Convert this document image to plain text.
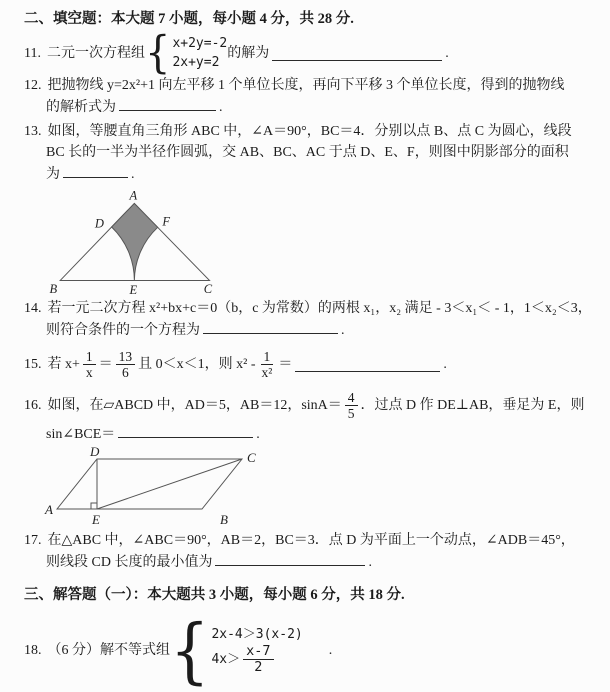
二、填空题：本大题 7 小题，每小题 4 分，共 28 分.
11. 二元一次方程组 { x+2y=-2
2x+y=2
的解为	.
12. 把抛物线 y=2x²+1 向左平移 1 个单位长度，再向下平移 3 个单位长度，得到的抛物线
的解析式为	.
13. 如图，等腰直角三角形 ABC 中，∠A＝90°，BC＝4．分别以点 B、点 C 为圆心，线段
BC 长的一半为半径作圆弧，交 AB、BC、AC 于点 D、E、F，则图中阴影部分的面积
为	.
A
D	F
B	E	C
14. 若一元二次方程 x²+bx+c＝0（b，c 为常数）的两根 x₁，x₂ 满足 - 3＜x₁＜ - 1，1＜x₂＜3，
则符合条件的一个方程为	.
15. 若 $x+ \frac{1}{x} = \frac{13}{6}$ 且 0＜x＜1，则 $x^2 - \frac{1}{\text{x²}}$ ＝	.
16. 如图，在▱ABCD 中，AD＝5，AB＝12，$\sin A= \frac{4}{5}$ ．过点 D 作 DE⊥AB，垂足为 E，则
sin∠BCE＝	.
D	C
A
E	B
17. 在△ABC 中，∠ABC＝90°，AB＝2，BC＝3．点 D 为平面上一个动点，∠ADB＝45°，
则线段 CD 长度的最小值为	.
三、解答题（一）：本大题共 3 小题，每小题 6 分，共 18 分.
18. （6 分）解不等式组 { 2x-4＞3(x-2)
$4x> \frac{x-7}{2}$	.
